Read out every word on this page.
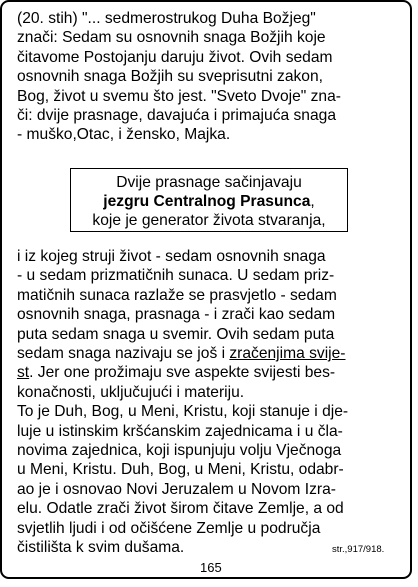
(20. stih) "... sedmerostrukog Duha Božjeg"
znači: Sedam su osnovnih snaga Božjih koje
čitavome Postojanju daruju život. Ovih sedam
osnovnih snaga Božjih su sveprisutni zakon,
Bog, život u svemu što jest. "Sveto Dvoje" zna-
či: dvije prasnage, davajuća i primajuća snaga
- muško,Otac, i žensko, Majka.
Dvije prasnage sačinjavaju
jezgru Centralnog Prasunca,
koje je generator života stvaranja,
i iz kojeg struji život - sedam osnovnih snaga
- u sedam prizmatičnih sunaca. U sedam priz-
matičnih sunaca razlaže se prasvjetlo - sedam
osnovnih snaga, prasnaga - i zrači kao sedam
puta sedam snaga u svemir. Ovih sedam puta
sedam snaga nazivaju se još i zračenjima svije-
st. Jer one prožimaju sve aspekte svijesti bes-
konačnosti, uključujući i materiju.
To je Duh, Bog, u Meni, Kristu, koji stanuje i dje-
luje u istinskim kršćanskim zajednicama i u čla-
novima zajednica, koji ispunjuju volju Vječnoga
u Meni, Kristu. Duh, Bog, u Meni, Kristu, odabr-
ao je i osnovao Novi Jeruzalem u Novom Izra-
elu. Odatle zrači život širom čitave Zemlje, a od
svjetlih ljudi i od očišćene Zemlje u područja
čistilišta k svim dušama.	str.,917/918.
165
